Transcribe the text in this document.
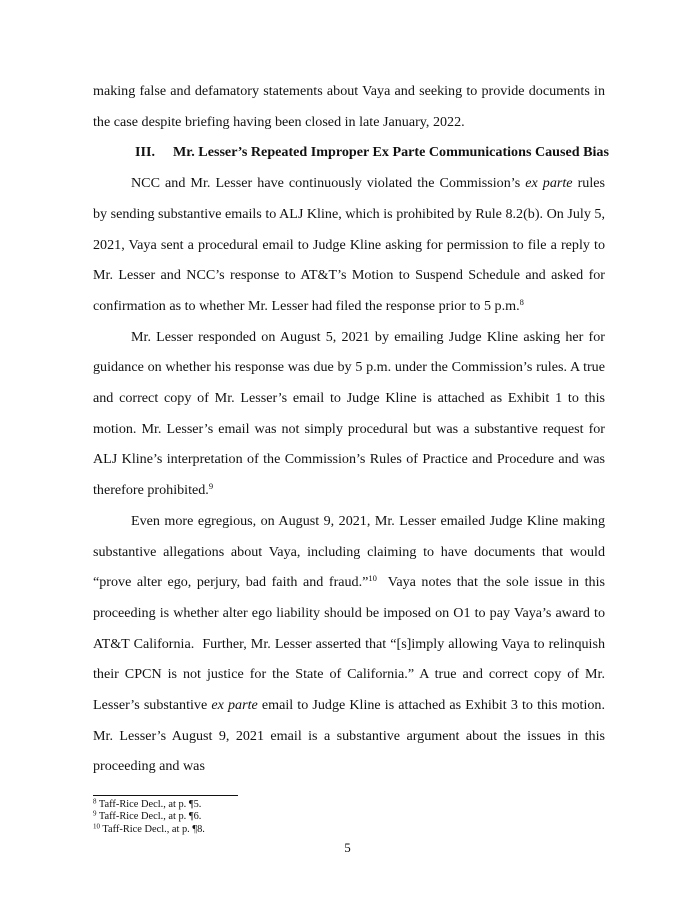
making false and defamatory statements about Vaya and seeking to provide documents in the case despite briefing having been closed in late January, 2022.

III. Mr. Lesser’s Repeated Improper Ex Parte Communications Caused Bias

NCC and Mr. Lesser have continuously violated the Commission’s ex parte rules by sending substantive emails to ALJ Kline, which is prohibited by Rule 8.2(b). On July 5, 2021, Vaya sent a procedural email to Judge Kline asking for permission to file a reply to Mr. Lesser and NCC’s response to AT&T’s Motion to Suspend Schedule and asked for confirmation as to whether Mr. Lesser had filed the response prior to 5 p.m.$^8$

Mr. Lesser responded on August 5, 2021 by emailing Judge Kline asking her for guidance on whether his response was due by 5 p.m. under the Commission’s rules. A true and correct copy of Mr. Lesser’s email to Judge Kline is attached as Exhibit 1 to this motion. Mr. Lesser’s email was not simply procedural but was a substantive request for ALJ Kline’s interpretation of the Commission’s Rules of Practice and Procedure and was therefore prohibited.$^9$

Even more egregious, on August 9, 2021, Mr. Lesser emailed Judge Kline making substantive allegations about Vaya, including claiming to have documents that would “prove alter ego, perjury, bad faith and fraud.”$^{10}$  Vaya notes that the sole issue in this proceeding is whether alter ego liability should be imposed on O1 to pay Vaya’s award to AT&T California.  Further, Mr. Lesser asserted that “[s]imply allowing Vaya to relinquish their CPCN is not justice for the State of California.” A true and correct copy of Mr. Lesser’s substantive ex parte email to Judge Kline is attached as Exhibit 3 to this motion. Mr. Lesser’s August 9, 2021 email is a substantive argument about the issues in this proceeding and was

$^8$ Taff-Rice Decl., at p. ¶5.
$^9$ Taff-Rice Decl., at p. ¶6.
$^{10}$ Taff-Rice Decl., at p. ¶8.
5
